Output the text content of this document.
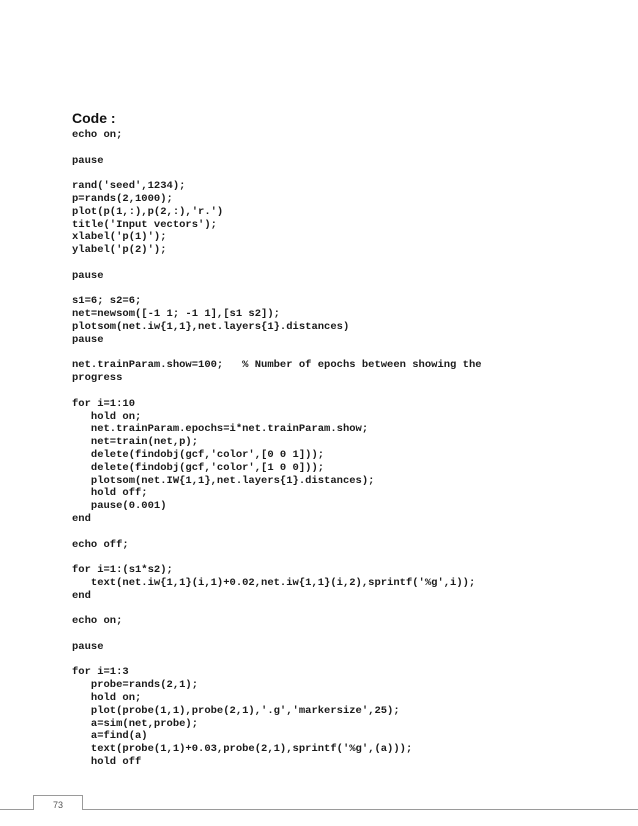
Code :
echo on;
pause
rand('seed',1234);
p=rands(2,1000);
plot(p(1,:),p(2,:),'r.')
title('Input vectors');
xlabel('p(1)');
ylabel('p(2)');
pause
s1=6; s2=6;
net=newsom([-1 1; -1 1],[s1 s2]);
plotsom(net.iw{1,1},net.layers{1}.distances)
pause
net.trainParam.show=100;   % Number of epochs between showing the
progress
for i=1:10
hold on;
net.trainParam.epochs=i*net.trainParam.show;
net=train(net,p);
delete(findobj(gcf,'color',[0 0 1]));
delete(findobj(gcf,'color',[1 0 0]));
plotsom(net.IW{1,1},net.layers{1}.distances);
hold off;
pause(0.001)
end
echo off;
for i=1:(s1*s2);
text(net.iw{1,1}(i,1)+0.02,net.iw{1,1}(i,2),sprintf('%g',i));
end
echo on;
pause
for i=1:3
probe=rands(2,1);
hold on;
plot(probe(1,1),probe(2,1),'.g','markersize',25);
a=sim(net,probe);
a=find(a)
text(probe(1,1)+0.03,probe(2,1),sprintf('%g',(a)));
hold off
73
